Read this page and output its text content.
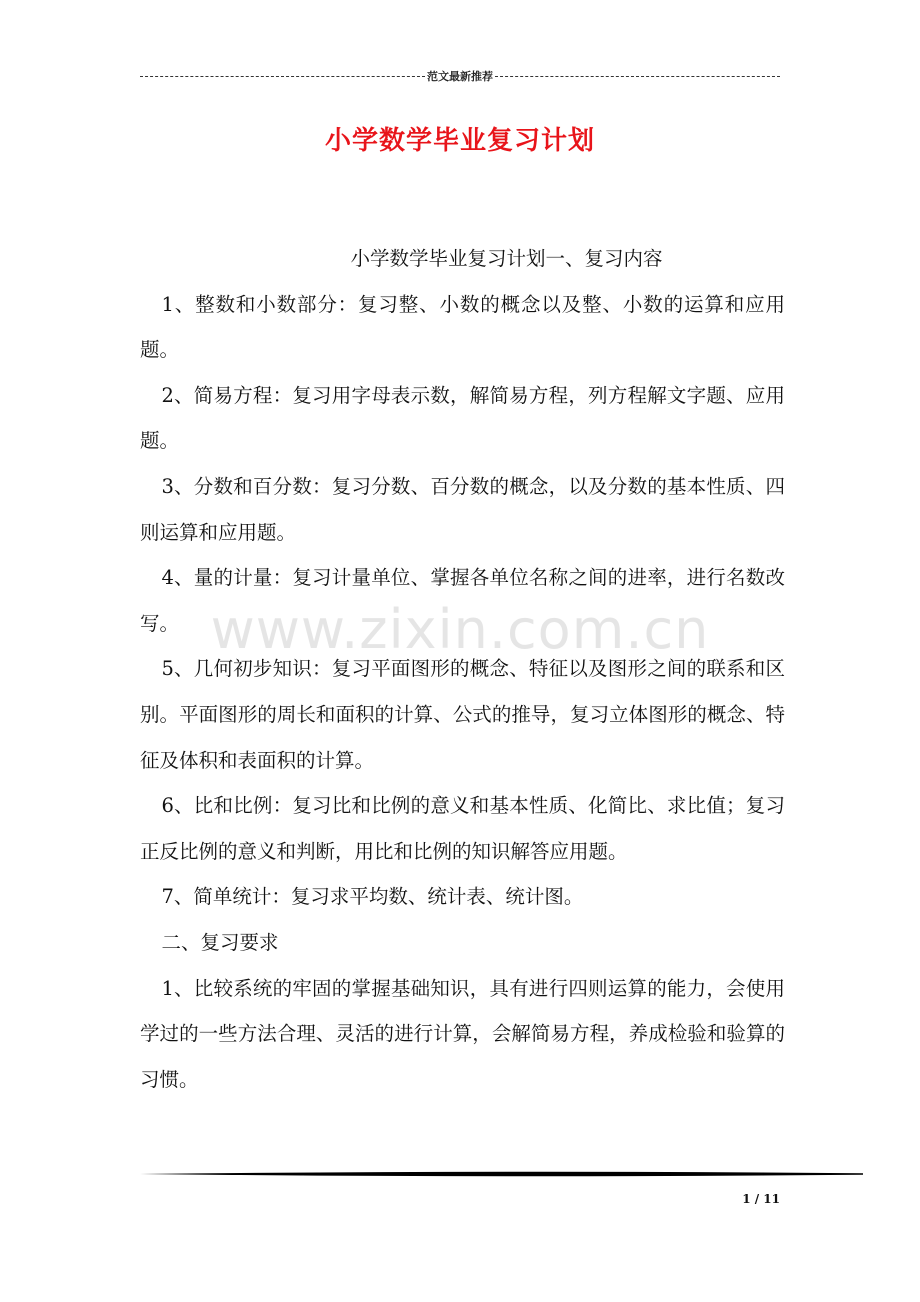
范文最新推荐
小学数学毕业复习计划

小学数学毕业复习计划一、复习内容

1、整数和小数部分：复习整、小数的概念以及整、小数的运算和应用题。

2、简易方程：复习用字母表示数，解简易方程，列方程解文字题、应用题。

3、分数和百分数：复习分数、百分数的概念，以及分数的基本性质、四则运算和应用题。

4、量的计量：复习计量单位、掌握各单位名称之间的进率，进行名数改写。

5、几何初步知识：复习平面图形的概念、特征以及图形之间的联系和区别。平面图形的周长和面积的计算、公式的推导，复习立体图形的概念、特征及体积和表面积的计算。

6、比和比例：复习比和比例的意义和基本性质、化简比、求比值；复习正反比例的意义和判断，用比和比例的知识解答应用题。

7、简单统计：复习求平均数、统计表、统计图。

二、复习要求

1、比较系统的牢固的掌握基础知识，具有进行四则运算的能力，会使用学过的一些方法合理、灵活的进行计算，会解简易方程，养成检验和验算的习惯。

www.zixin.com.cn
1 / 11
